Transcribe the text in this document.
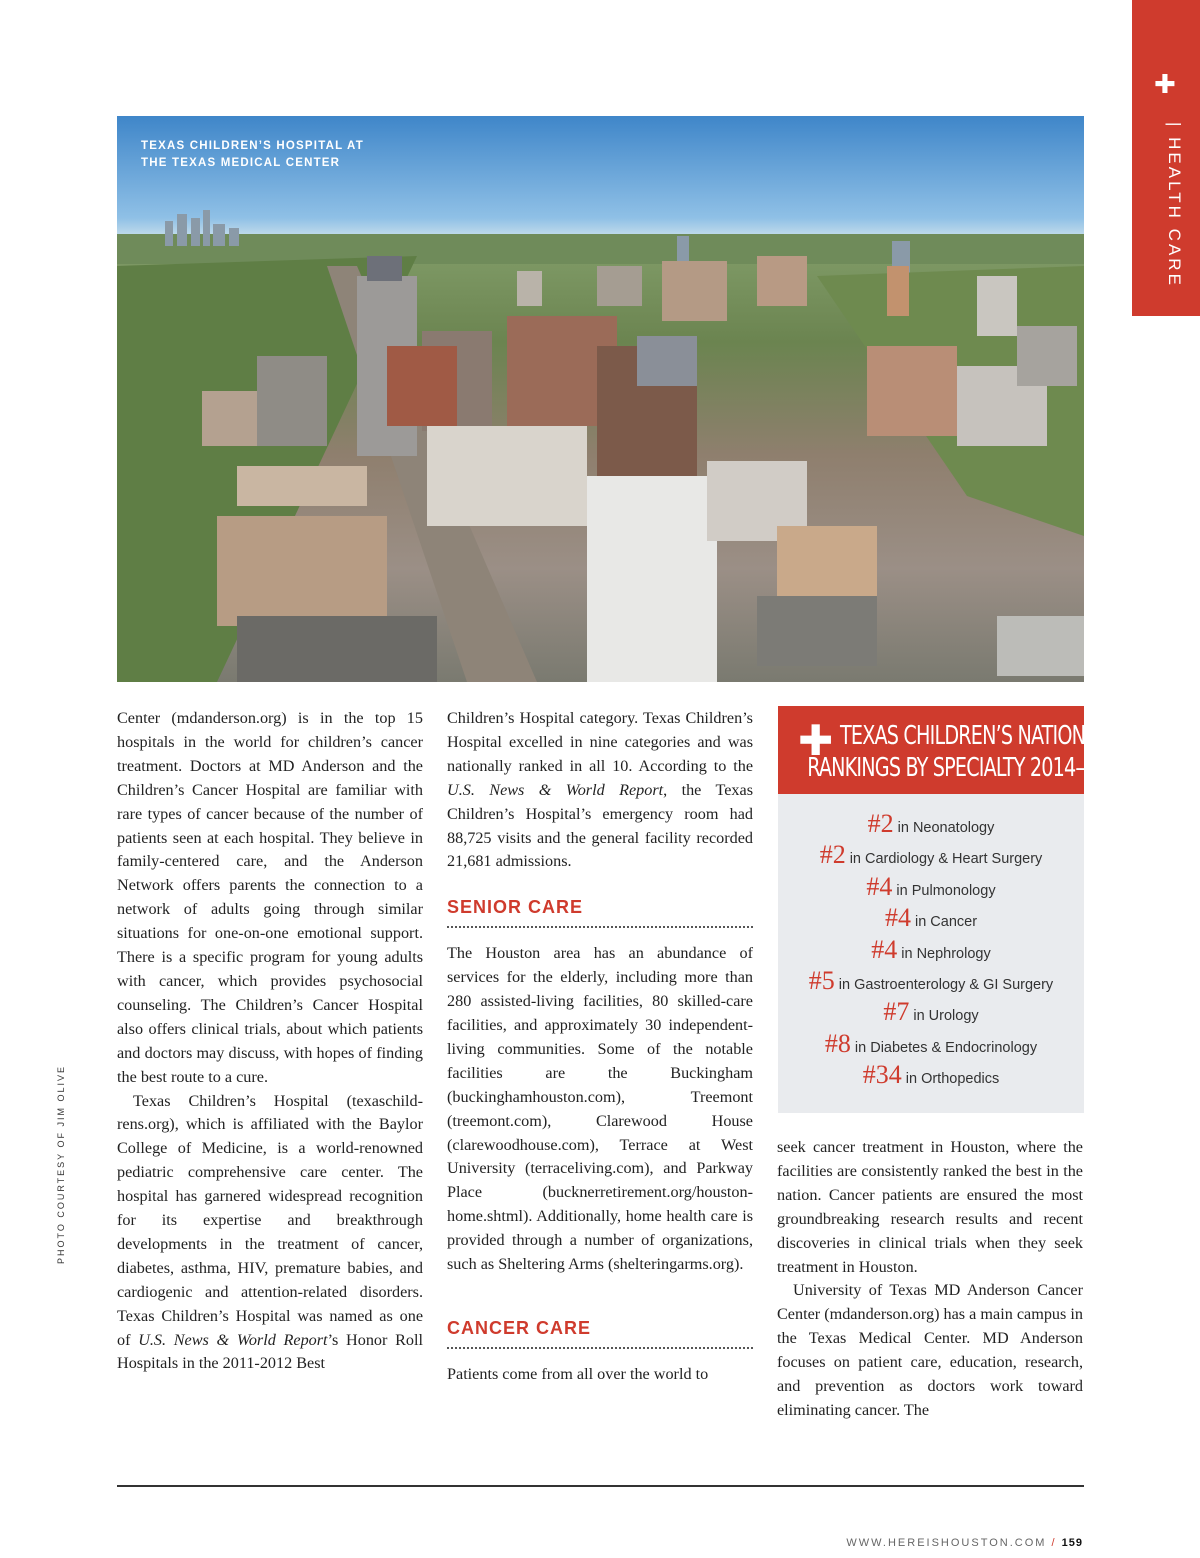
✚
| HEALTH CARE
TEXAS CHILDREN’S HOSPITAL AT
THE TEXAS MEDICAL CENTER
PHOTO COURTESY OF JIM OLIVE

Center (mdanderson.org) is in the top 15 hospitals in the world for children’s cancer treatment. Doctors at MD Anderson and the Children’s Cancer Hospital are familiar with rare types of cancer because of the number of patients seen at each hospital. They believe in family-centered care, and the Anderson Network offers parents the connection to a network of adults going through similar situations for one-on-one emotional support. There is a specific program for young adults with cancer, which provides psychosocial counseling. The Children’s Cancer Hospital also offers clinical trials, about which patients and doctors may discuss, with hopes of finding the best route to a cure.

Texas Children’s Hospital (texaschildrens.org), which is affiliated with the Baylor College of Medicine, is a world-renowned pediatric comprehensive care center. The hospital has garnered widespread recognition for its expertise and breakthrough developments in the treatment of cancer, diabetes, asthma, HIV, premature babies, and cardiogenic and attention-related disorders. Texas Children’s Hospital was named as one of U.S. News & World Report’s Honor Roll Hospitals in the 2011-2012 Best

Children’s Hospital category. Texas Children’s Hospital excelled in nine categories and was nationally ranked in all 10. According to the U.S. News & World Report, the Texas Children’s Hospital’s emergency room had 88,725 visits and the general facility recorded 21,681 admissions.

SENIOR CARE

The Houston area has an abundance of services for the elderly, including more than 280 assisted-living facilities, 80 skilled-care facilities, and approximately 30 independent-living communities. Some of the notable facilities are the Buckingham (buckinghamhouston.com), Treemont (treemont.com), Clarewood House (clarewoodhouse.com), Terrace at West University (terraceliving.com), and Parkway Place (bucknerretirement.org/houston-home.shtml). Additionally, home health care is provided through a number of organizations, such as Sheltering Arms (shelteringarms.org).

CANCER CARE

Patients come from all over the world to

✚ TEXAS CHILDREN’S NATIONAL
RANKINGS BY SPECIALTY 2014–2015
#2 in Neonatology
#2 in Cardiology & Heart Surgery
#4 in Pulmonology
#4 in Cancer
#4 in Nephrology
#5 in Gastroenterology & GI Surgery
#7 in Urology
#8 in Diabetes & Endocrinology
#34 in Orthopedics

seek cancer treatment in Houston, where the facilities are consistently ranked the best in the nation. Cancer patients are ensured the most groundbreaking research results and recent discoveries in clinical trials when they seek treatment in Houston.

University of Texas MD Anderson Cancer Center (mdanderson.org) has a main campus in the Texas Medical Center. MD Anderson focuses on patient care, education, research, and prevention as doctors work toward eliminating cancer. The

WWW.HEREISHOUSTON.COM / 159
